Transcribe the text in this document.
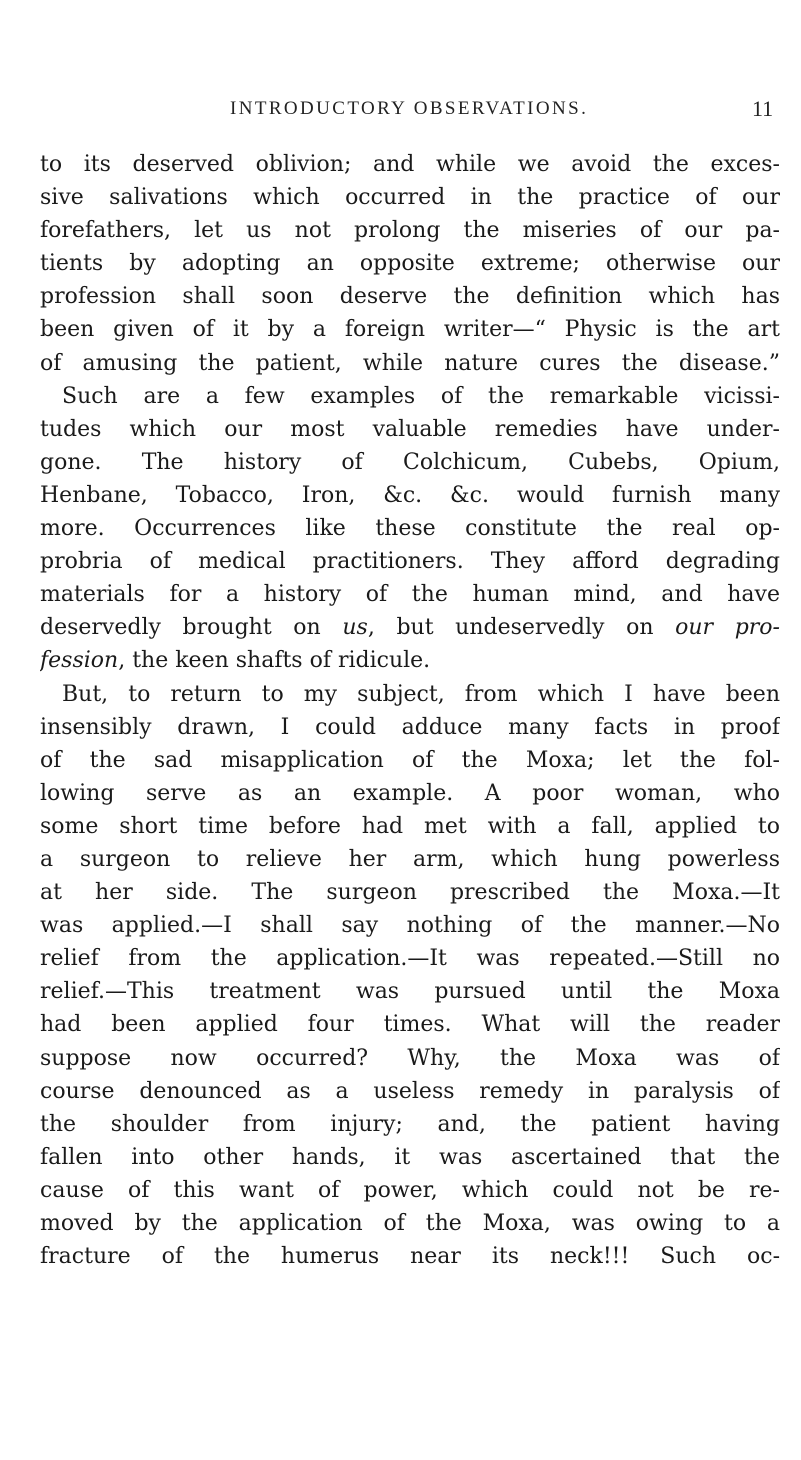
INTRODUCTORY OBSERVATIONS.	11
to its deserved oblivion; and while we avoid the exces-
sive salivations which occurred in the practice of our
forefathers, let us not prolong the miseries of our pa-
tients by adopting an opposite extreme; otherwise our
profession shall soon deserve the definition which has
been given of it by a foreign writer—“ Physic is the art
of amusing the patient, while nature cures the disease.”
Such are a few examples of the remarkable vicissi-
tudes which our most valuable remedies have under-
gone. The history of Colchicum, Cubebs, Opium,
Henbane, Tobacco, Iron, &c. &c. would furnish many
more. Occurrences like these constitute the real op-
probria of medical practitioners. They afford degrading
materials for a history of the human mind, and have
deservedly brought on us, but undeservedly on our pro-
fession, the keen shafts of ridicule.
But, to return to my subject, from which I have been
insensibly drawn, I could adduce many facts in proof
of the sad misapplication of the Moxa; let the fol-
lowing serve as an example. A poor woman, who
some short time before had met with a fall, applied to
a surgeon to relieve her arm, which hung powerless
at her side. The surgeon prescribed the Moxa.—It
was applied.—I shall say nothing of the manner.—No
relief from the application.—It was repeated.—Still no
relief.—This treatment was pursued until the Moxa
had been applied four times. What will the reader
suppose now occurred? Why, the Moxa was of
course denounced as a useless remedy in paralysis of
the shoulder from injury; and, the patient having
fallen into other hands, it was ascertained that the
cause of this want of power, which could not be re-
moved by the application of the Moxa, was owing to a
fracture of the humerus near its neck!!! Such oc-
